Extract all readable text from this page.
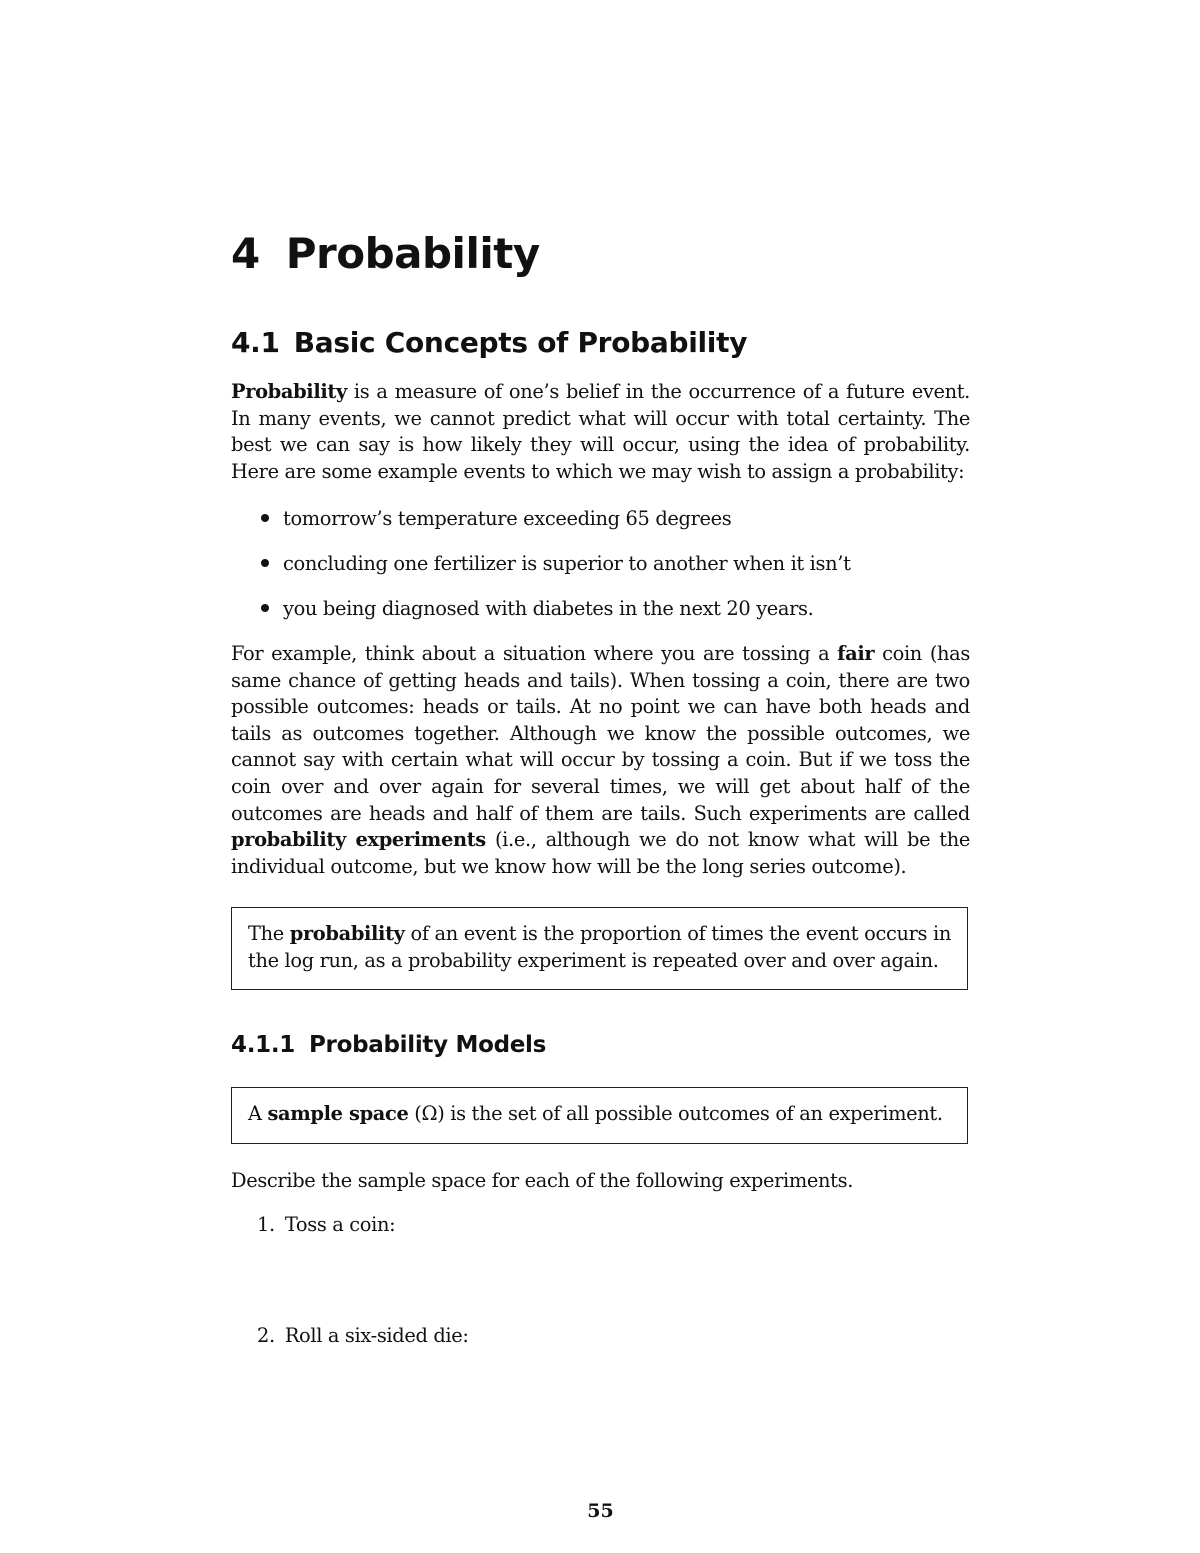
4 Probability
4.1 Basic Concepts of Probability

Probability is a measure of one’s belief in the occurrence of a future event. In many events, we cannot predict what will occur with total certainty. The best we can say is how likely they will occur, using the idea of probability. Here are some example events to which we may wish to assign a probability:

tomorrow’s temperature exceeding 65 degrees
concluding one fertilizer is superior to another when it isn’t
you being diagnosed with diabetes in the next 20 years.

For example, think about a situation where you are tossing a fair coin (has same chance of getting heads and tails). When tossing a coin, there are two possible outcomes: heads or tails. At no point we can have both heads and tails as outcomes together. Although we know the possible outcomes, we cannot say with certain what will occur by tossing a coin. But if we toss the coin over and over again for several times, we will get about half of the outcomes are heads and half of them are tails. Such experiments are called probability experiments (i.e., although we do not know what will be the individual outcome, but we know how will be the long series outcome).

The probability of an event is the proportion of times the event occurs in the log run, as a probability experiment is repeated over and over again.

4.1.1 Probability Models

A sample space (Ω) is the set of all possible outcomes of an experiment.

Describe the sample space for each of the following experiments.

1. Toss a coin:
2. Roll a six-sided die:
55
